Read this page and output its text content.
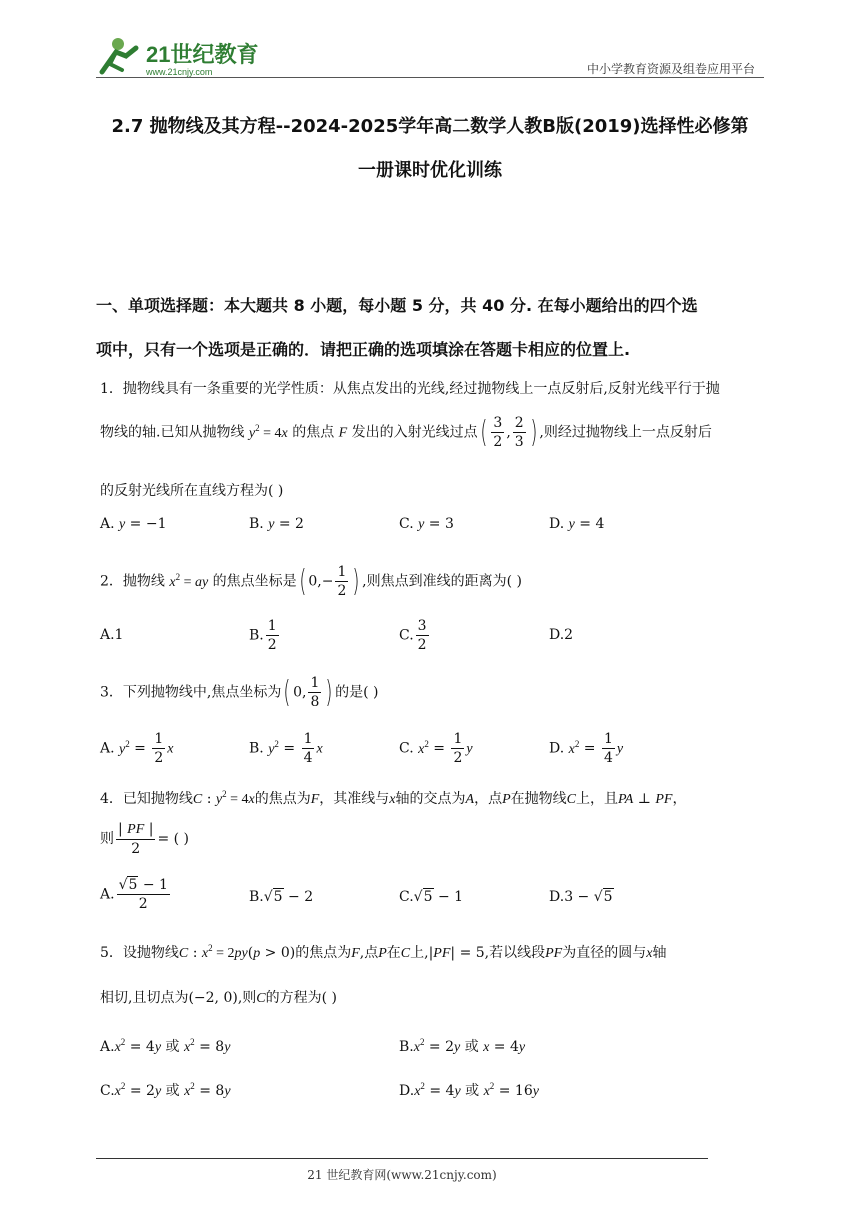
21世纪教育
www.21cnjy.com	中小学教育资源及组卷应用平台
2.7 抛物线及其方程--2024-2025学年高二数学人教B版(2019)选择性必修第
一册课时优化训练
一、单项选择题：本大题共 8 小题，每小题 5 分，共 40 分. 在每小题给出的四个选
项中，只有一个选项是正确的．请把正确的选项填涂在答题卡相应的位置上.
1．抛物线具有一条重要的光学性质：从焦点发出的光线,经过抛物线上一点反射后,反射光线平行于抛
物线的轴.已知从抛物线 $y^2 = 4x$ 的焦点 F 发出的入射光线过点( $\frac{3}{2}$ , $\frac{2}{3}$ ) ,则经过抛物线上一点反射后
的反射光线所在直线方程为( )
A. y = −1	B. y = 2	C. y = 3	D. y = 4
2．抛物线 $x^2$ = ay 的焦点坐标是( $0,- \frac{1}{2}$ ) ,则焦点到准线的距离为( )
A.1	B. $\frac{1}{2}$	C. $\frac{3}{2}$	D.2
3．下列抛物线中,焦点坐标为( 0, $\frac{1}{8}$ ) 的是( )
A. $y^2 = \frac{1}{2}$ x	B. $y^2 = \frac{1}{4}$ x	C. $x^2 = \frac{1}{2}$ y	D. $x^2 = \frac{1}{4}$ y
4．已知抛物线C : $y^2 = 4x$的焦点为F，其准线与x轴的交点为A，点P在抛物线C上，且PA ⊥ PF，
则 $\frac{| PF |}{2}$ = ( )
A. $\frac{√5 - 1}{2}$	B.√5 − 2	C.√5 − 1	D.3 − √5
5．设抛物线C : $x^2 = 2py(p > 0)$的焦点为F,点P在C上,|PF| = 5,若以线段PF为直径的圆与x轴
相切,且切点为(−2, 0),则C的方程为( )
$A.x^2 = 4y$ 或 $x^2 = 8y$	$B.x^2 = 2y$ 或 x = 4y
$C.x^2 = 2y$ 或 $x^2 = 8y$	$D.x^2 = 4y$ 或 $x^2 = 16y$
21 世纪教育网(www.21cnjy.com)
